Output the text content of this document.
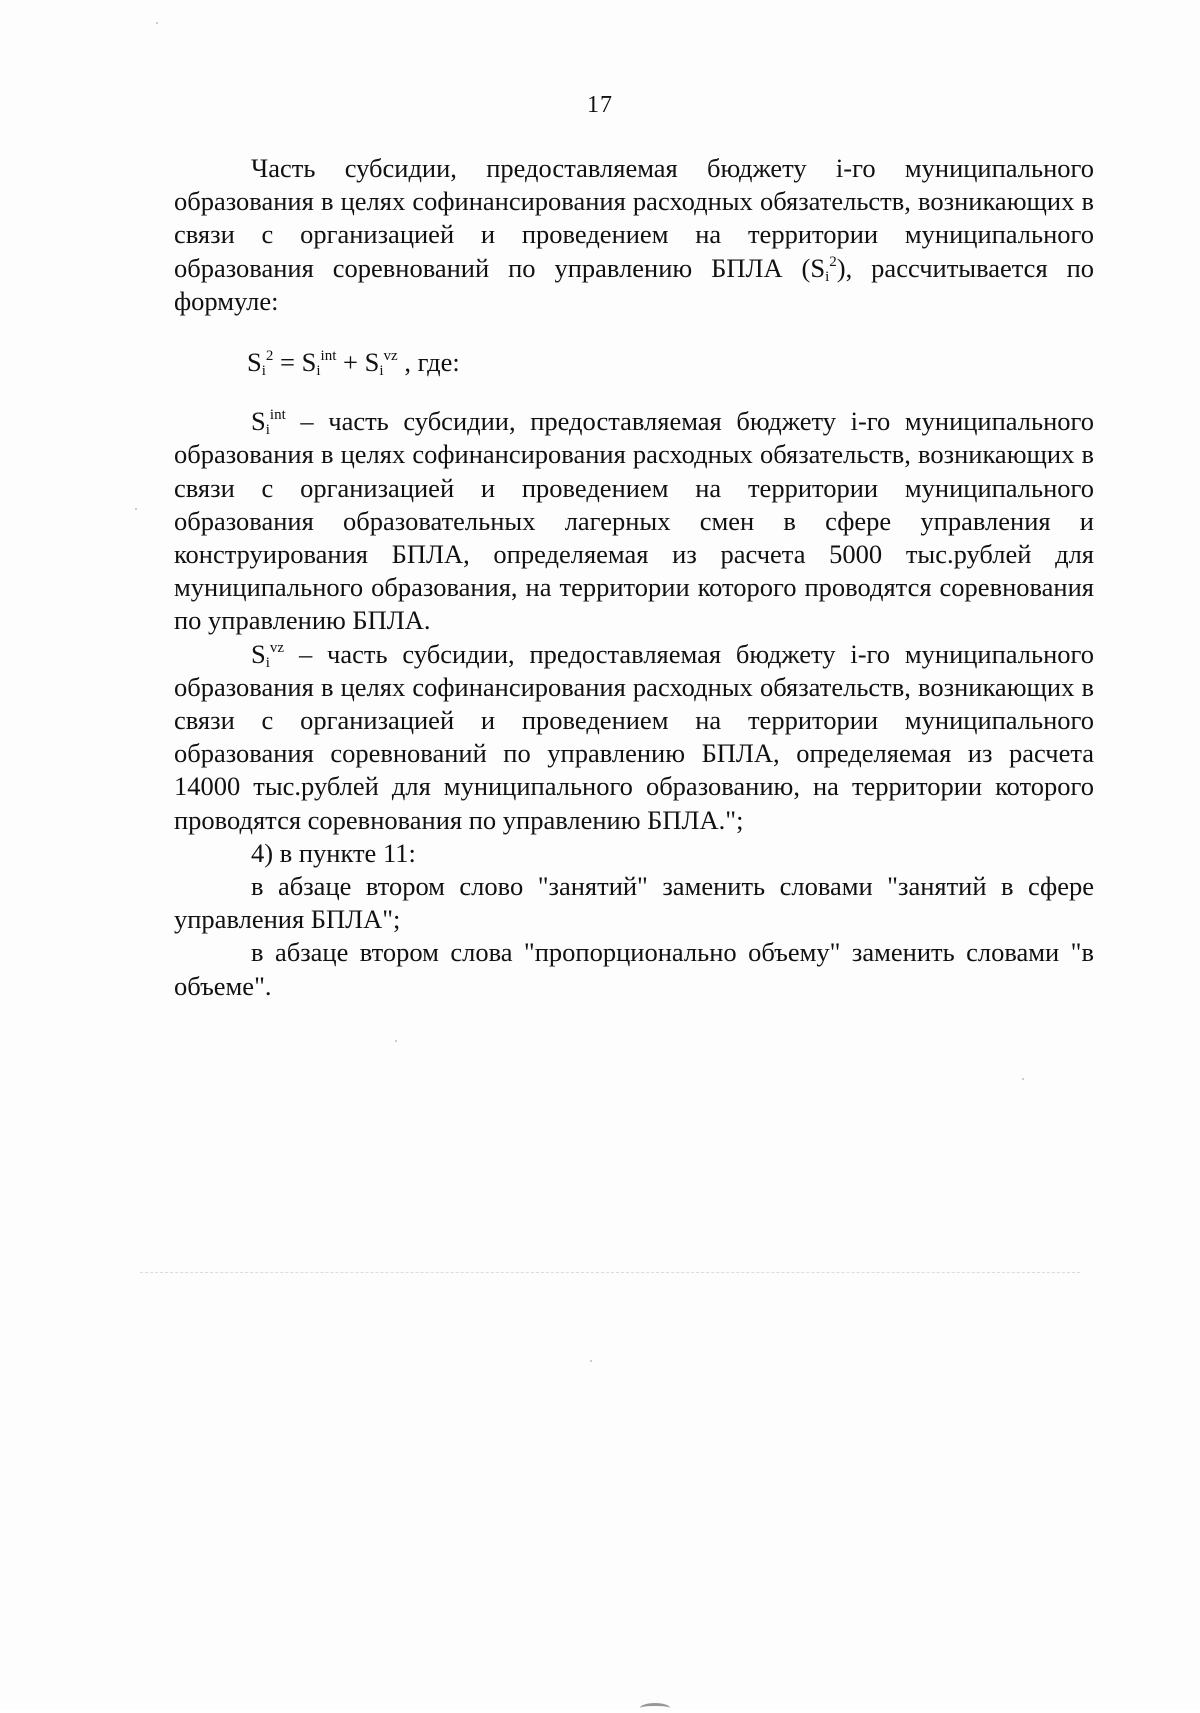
17

Часть субсидии, предоставляемая бюджету i-го муниципального образования в целях софинансирования расходных обязательств, возникающих в связи с организацией и проведением на территории муниципального образования соревнований по управлению БПЛА $(S_i^2)$, рассчитывается по формуле:

$S_i^2 = S_i^{int} + S_i^{vz}$ , где:

$S_i^{int}$ – часть субсидии, предоставляемая бюджету i-го муниципального образования в целях софинансирования расходных обязательств, возникающих в связи с организацией и проведением на территории муниципального образования образовательных лагерных смен в сфере управления и конструирования БПЛА, определяемая из расчета 5000 тыс.рублей для муниципального образования, на территории которого проводятся соревнования по управлению БПЛА.

$S_i^{vz}$ – часть субсидии, предоставляемая бюджету i-го муниципального образования в целях софинансирования расходных обязательств, возникающих в связи с организацией и проведением на территории муниципального образования соревнований по управлению БПЛА, определяемая из расчета 14000 тыс.рублей для муниципального образованию, на территории которого проводятся соревнования по управлению БПЛА.";

4) в пункте 11:

в абзаце втором слово "занятий" заменить словами "занятий в сфере управления БПЛА";

в абзаце втором слова "пропорционально объему" заменить словами "в объеме".
